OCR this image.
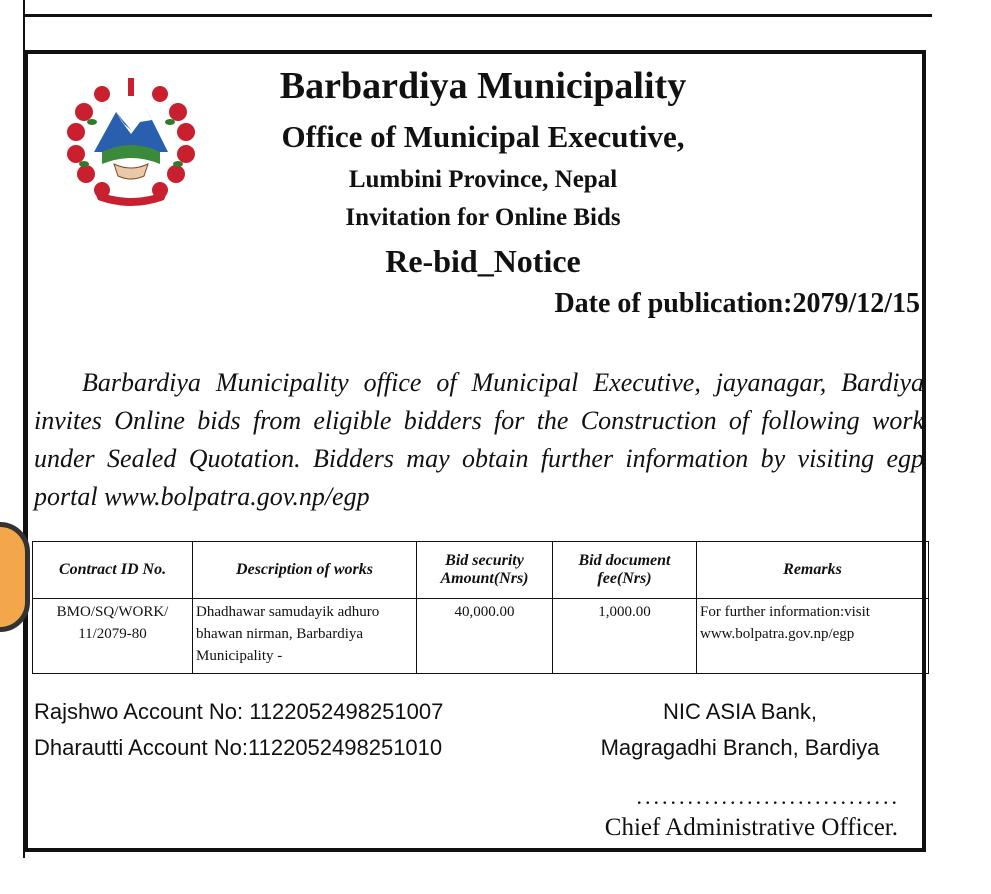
Barbardiya Municipality
Office of Municipal Executive,
Lumbini Province, Nepal
Invitation for Online Bids
Re-bid_Notice
Date of publication:2079/12/15
Barbardiya Municipality office of Municipal Executive, jayanagar, Bardiya invites Online bids from eligible bidders for the Construction of following work under Sealed Quotation. Bidders may obtain further information by visiting egp portal www.bolpatra.gov.np/egp
Contract ID No.	Description of works	Bid security Amount(Nrs)	Bid document fee(Nrs)	Remarks
BMO/SQ/WORK/ 11/2079-80	Dhadhawar samudayik adhuro bhawan nirman, Barbardiya Municipality -	40,000.00	1,000.00	For further information:visit www.bolpatra.gov.np/egp
Rajshwo Account No: 1122052498251007
Dharautti Account No:1122052498251010
NIC ASIA Bank,
Magragadhi Branch, Bardiya
...............................
Chief Administrative Officer.
